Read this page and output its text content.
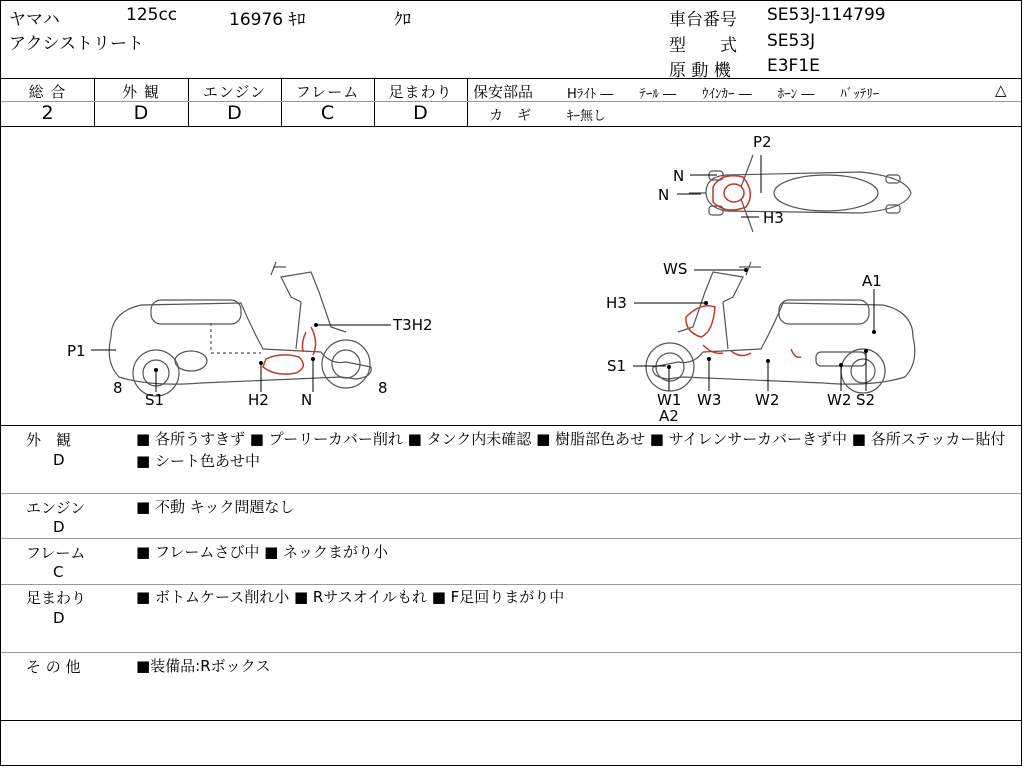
ヤマハ	125cc	16976 ｷﾛ	ｸﾛ
アクシストリート
車台番号 SE53J-114799
型　　式 SE53J
原 動 機 E3F1E
総 合	外 観	エンジン	フレーム	足まわり
2	D	D	C	D
保安部品	Hﾗｲﾄ ―　　ﾃｰﾙ ―　　ｳｲﾝｶｰ ―　　ﾎｰﾝ ―　　ﾊﾞｯﾃﾘｰ	△
カ　ギ	ｷｰ無し
P1
8
S1	H2 N
8
T3H2
P2
N
N
H3
WS
A1
H3
S1
W1
A2
W3 W2	W2 S2
外　観
D
■ 各所うすきず ■ プーリーカバー削れ ■ タンク内未確認 ■ 樹脂部色あせ ■ サイレンサーカバーきず中 ■ 各所ステッカー貼付 ■ シート色あせ中
エンジン
D
■ 不動 キック問題なし
フレーム
C
■ フレームさび中 ■ ネックまがり小
足まわり
D
■ ボトムケース削れ小 ■ Rサスオイルもれ ■ F足回りまがり中
そ の 他	■装備品:Rボックス
